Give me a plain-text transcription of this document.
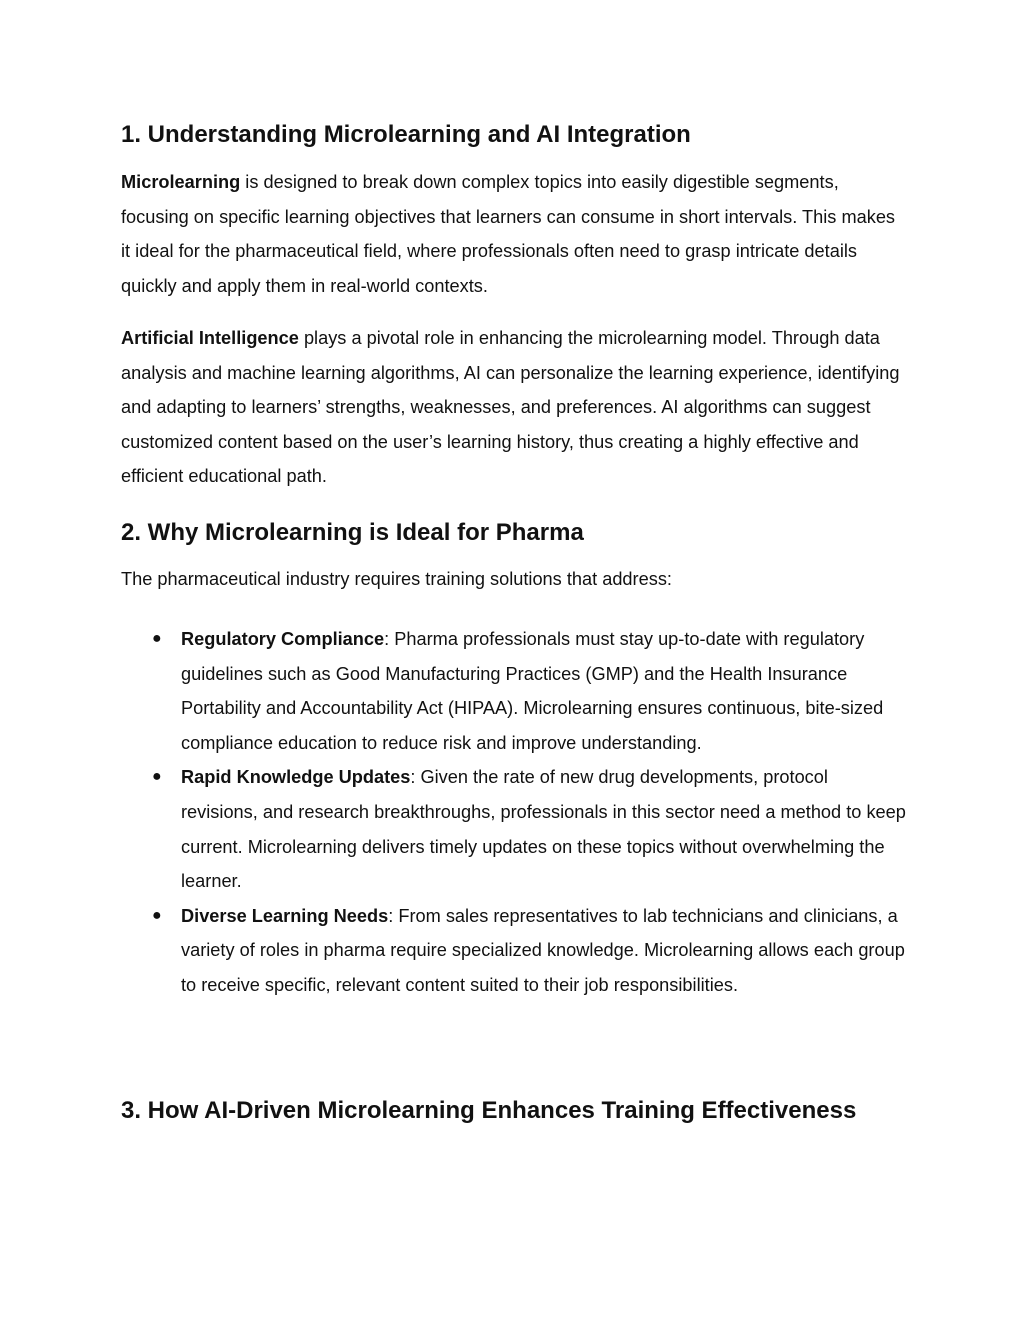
1. Understanding Microlearning and AI Integration

Microlearning is designed to break down complex topics into easily digestible segments, focusing on specific learning objectives that learners can consume in short intervals. This makes it ideal for the pharmaceutical field, where professionals often need to grasp intricate details quickly and apply them in real-world contexts.

Artificial Intelligence plays a pivotal role in enhancing the microlearning model. Through data analysis and machine learning algorithms, AI can personalize the learning experience, identifying and adapting to learners’ strengths, weaknesses, and preferences. AI algorithms can suggest customized content based on the user’s learning history, thus creating a highly effective and efficient educational path.

2. Why Microlearning is Ideal for Pharma

The pharmaceutical industry requires training solutions that address:

● Regulatory Compliance: Pharma professionals must stay up-to-date with regulatory guidelines such as Good Manufacturing Practices (GMP) and the Health Insurance Portability and Accountability Act (HIPAA). Microlearning ensures continuous, bite-sized compliance education to reduce risk and improve understanding.
● Rapid Knowledge Updates: Given the rate of new drug developments, protocol revisions, and research breakthroughs, professionals in this sector need a method to keep current. Microlearning delivers timely updates on these topics without overwhelming the learner.
● Diverse Learning Needs: From sales representatives to lab technicians and clinicians, a variety of roles in pharma require specialized knowledge. Microlearning allows each group to receive specific, relevant content suited to their job responsibilities.
3. How AI-Driven Microlearning Enhances Training Effectiveness
